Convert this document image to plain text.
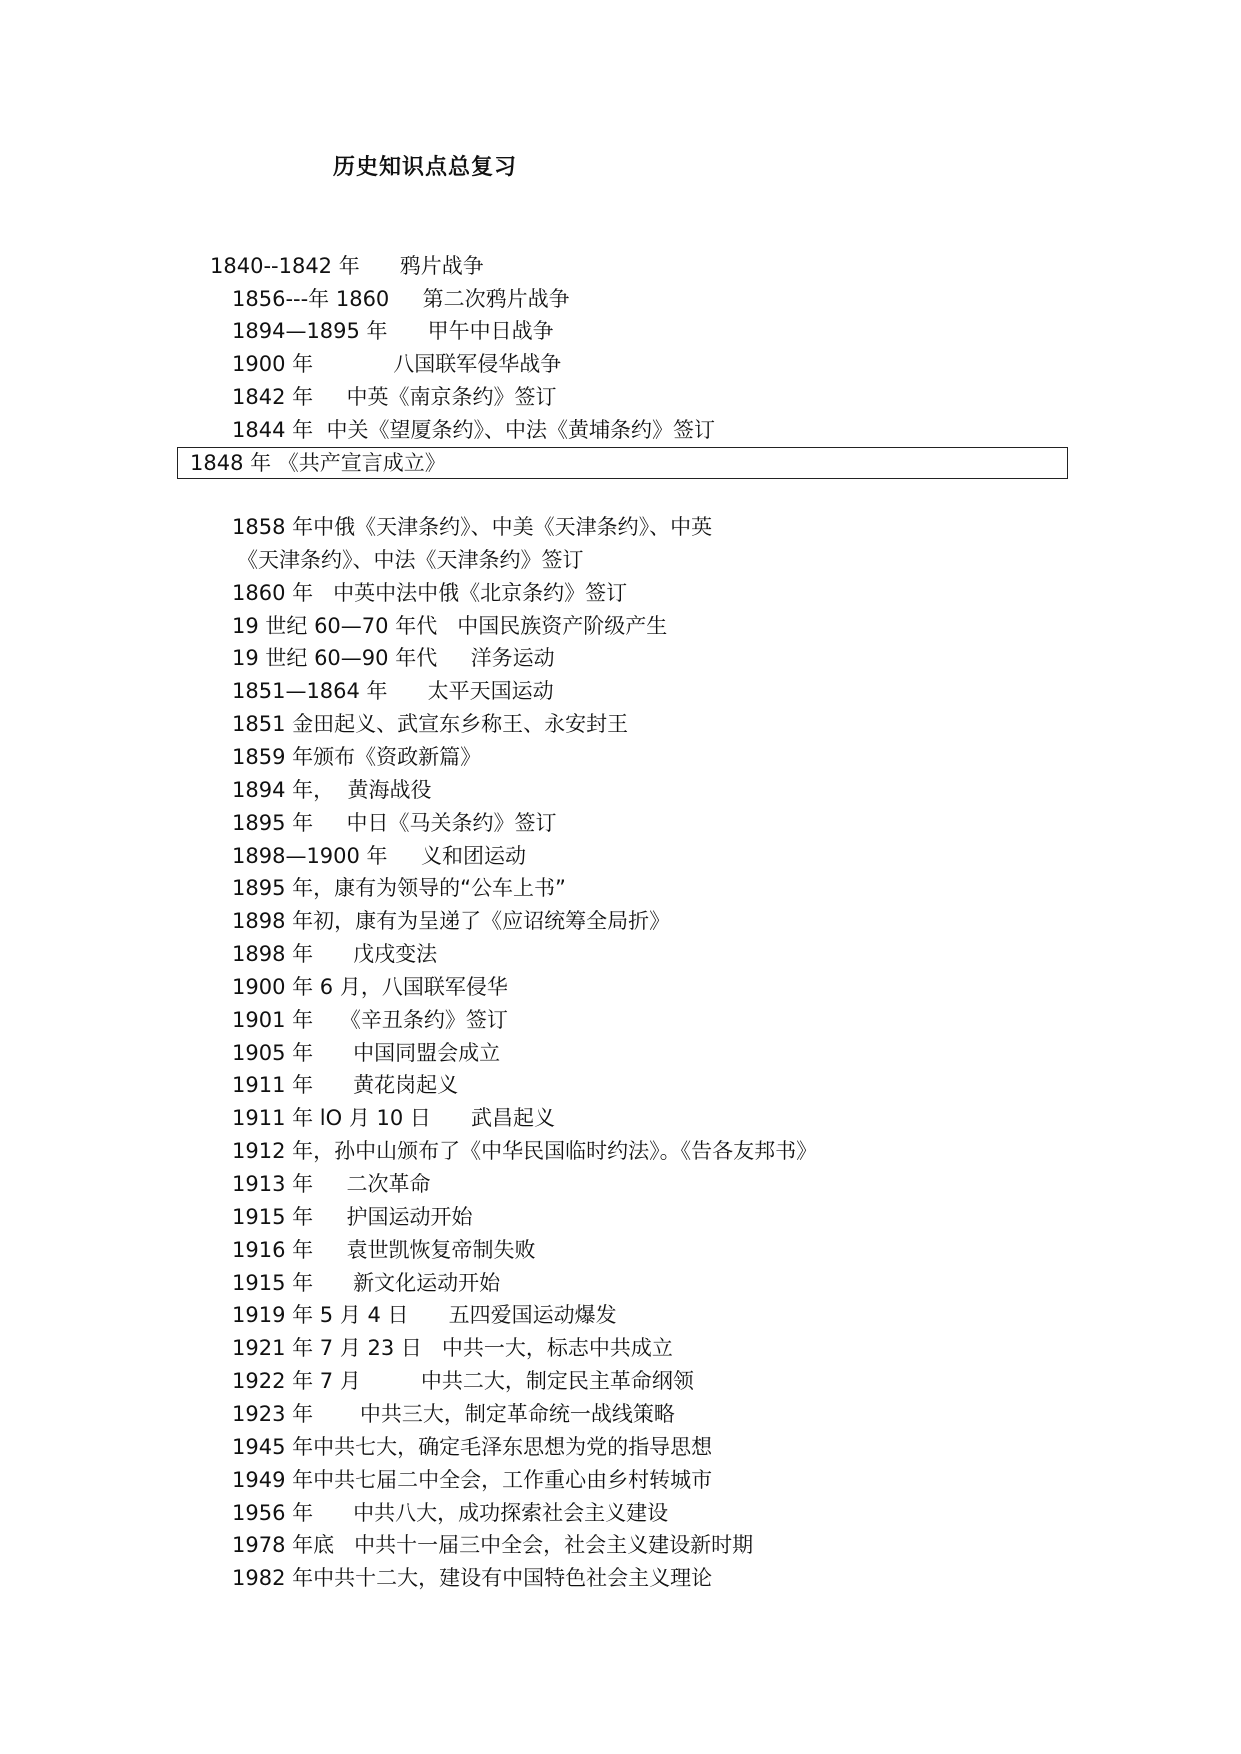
历史知识点总复习
1840--1842 年      鸦片战争
1856---年 1860     第二次鸦片战争
1894—1895 年      甲午中日战争
1900 年            八国联军侵华战争
1842 年     中英《南京条约》签订
1844 年  中关《望厦条约》、中法《黄埔条约》签订
1848 年 《共产宣言成立》
1858 年中俄《天津条约》、中美《天津条约》、中英
《天津条约》、中法《天津条约》签订
1860 年   中英中法中俄《北京条约》签订
19 世纪 60—70 年代   中国民族资产阶级产生
19 世纪 60—90 年代     洋务运动
1851—1864 年      太平天国运动
1851 金田起义、武宣东乡称王、永安封王
1859 年颁布《资政新篇》
1894 年，  黄海战役
1895 年     中日《马关条约》签订
1898—1900 年     义和团运动
1895 年，康有为领导的“公车上书”
1898 年初，康有为呈递了《应诏统筹全局折》
1898 年      戊戌变法
1900 年 6 月，八国联军侵华
1901 年    《辛丑条约》签订
1905 年      中国同盟会成立
1911 年      黄花岗起义
1911 年 lO 月 10 日      武昌起义
1912 年，孙中山颁布了《中华民国临时约法》。《告各友邦书》
1913 年     二次革命
1915 年     护国运动开始
1916 年     袁世凯恢复帝制失败
1915 年      新文化运动开始
1919 年 5 月 4 日      五四爱国运动爆发
1921 年 7 月 23 日   中共一大，标志中共成立
1922 年 7 月         中共二大，制定民主革命纲领
1923 年       中共三大，制定革命统一战线策略
1945 年中共七大，确定毛泽东思想为党的指导思想
1949 年中共七届二中全会，工作重心由乡村转城市
1956 年      中共八大，成功探索社会主义建设
1978 年底   中共十一届三中全会，社会主义建设新时期
1982 年中共十二大，建设有中国特色社会主义理论
